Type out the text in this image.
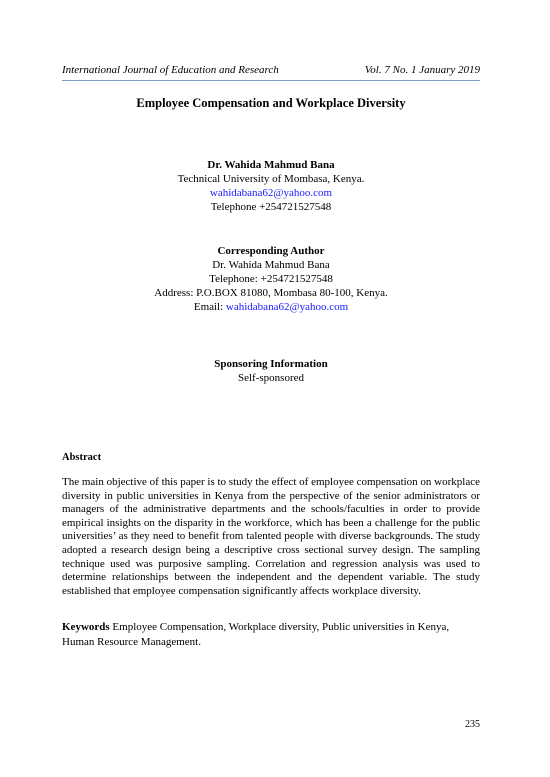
International Journal of Education and Research	Vol. 7 No. 1 January 2019
Employee Compensation and Workplace Diversity
Dr. Wahida Mahmud Bana
Technical University of Mombasa, Kenya.
wahidabana62@yahoo.com
Telephone +254721527548
Corresponding Author
Dr. Wahida Mahmud Bana
Telephone: +254721527548
Address: P.O.BOX 81080, Mombasa 80-100, Kenya.
Email: wahidabana62@yahoo.com
Sponsoring Information
Self-sponsored
Abstract

The main objective of this paper is to study the effect of employee compensation on workplace diversity in public universities in Kenya from the perspective of the senior administrators or managers of the administrative departments and the schools/faculties in order to provide empirical insights on the disparity in the workforce, which has been a challenge for the public universities’ as they need to benefit from talented people with diverse backgrounds. The study adopted a research design being a descriptive cross sectional survey design. The sampling technique used was purposive sampling. Correlation and regression analysis was used to determine relationships between the independent and the dependent variable. The study established that employee compensation significantly affects workplace diversity.

Keywords Employee Compensation, Workplace diversity, Public universities in Kenya, Human Resource Management.

235
